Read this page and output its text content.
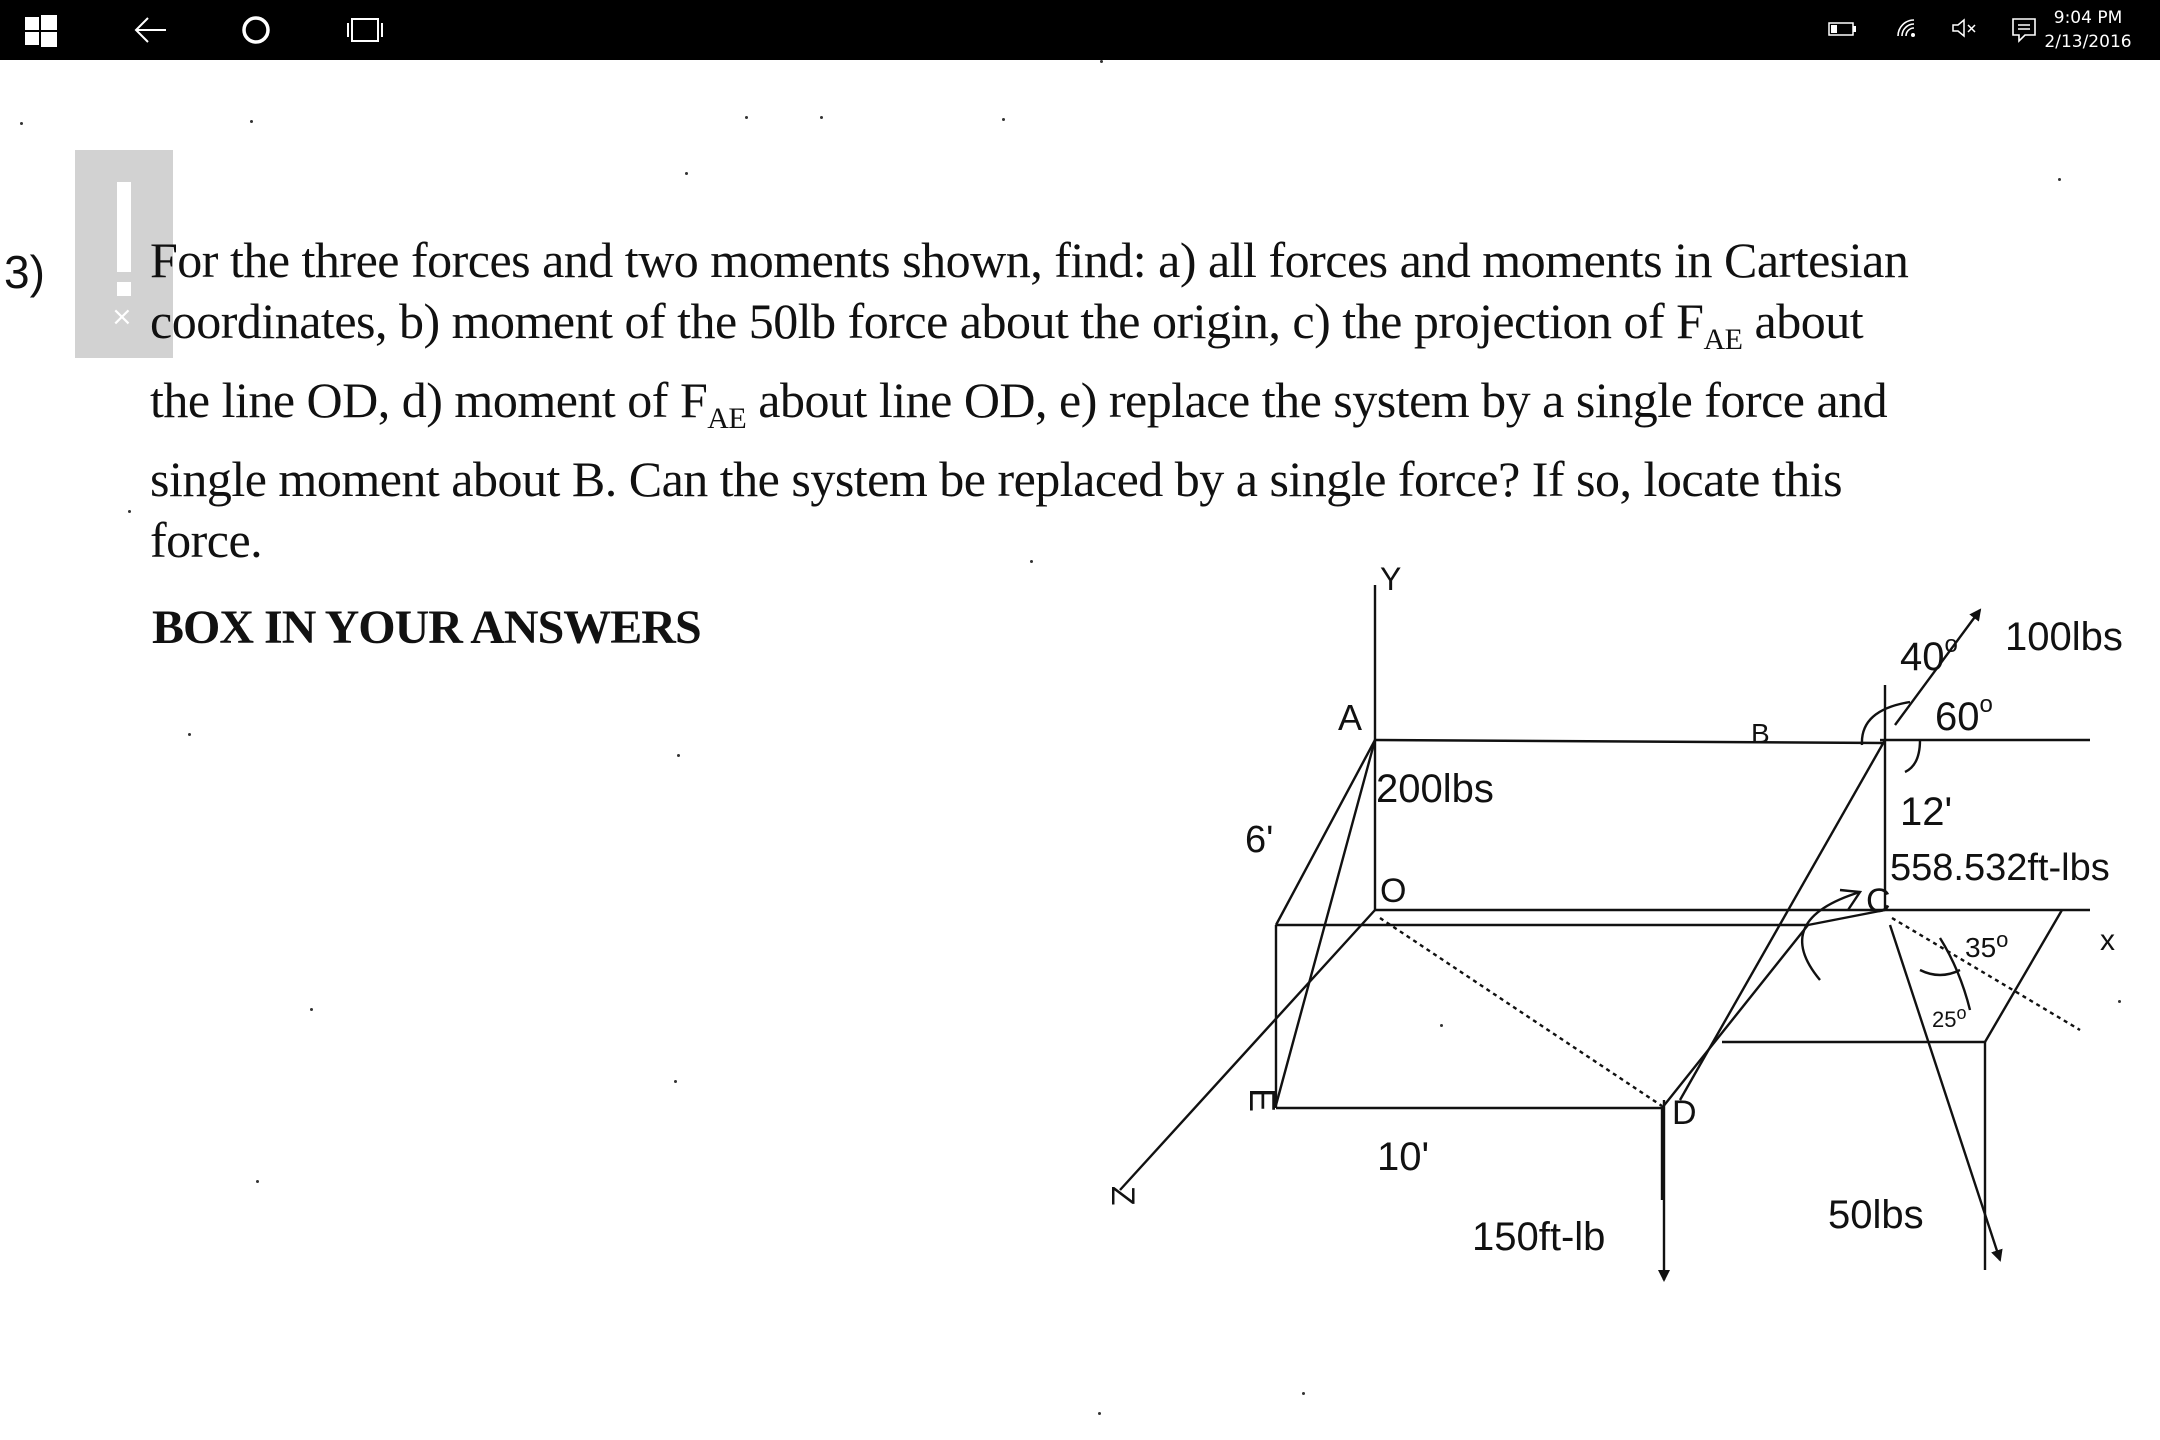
9:04 PM
2/13/2016
×
3) For the three forces and two moments shown, find: a) all forces and moments in Cartesian
coordinates, b) moment of the 50lb force about the origin, c) the projection of $F_{AE}$ about
the line OD, d) moment of $F_{AE}$ about line OD, e) replace the system by a single force and
single moment about B. Can the system be replaced by a single force? If so, locate this
force.
BOX IN YOUR ANSWERS
Y
x
Z
A
E
O
B
C
D
200lbs
6'
40$^o$
60$^o$
100lbs
12'
558.532ft-lbs
35$^o$
25$^o$
10'
150ft-lb	50lbs
